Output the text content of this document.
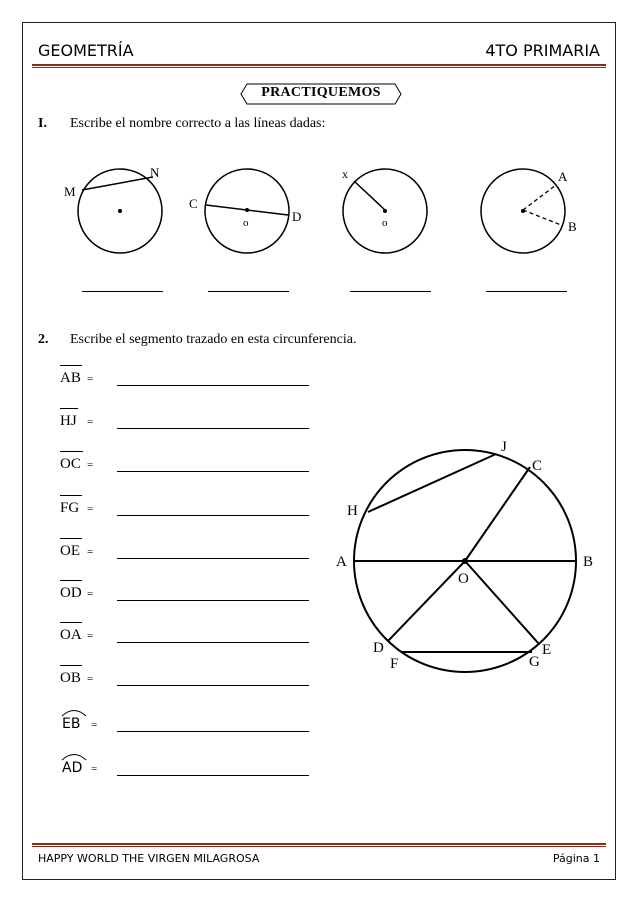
GEOMETRÍA	4TO PRIMARIA
PRACTIQUEMOS
I. Escribe el nombre correcto a las líneas dadas:
M
N
C
o	D
x
o
A
B
2. Escribe el segmento trazado en esta circunferencia.
AB =
HJ =
OC =
FG =
OE =
OD =
OA =
OB =
EB =
AD =
J
C
H
A	B
O
D	E
F	G
HAPPY WORLD THE VIRGEN MILAGROSA	Página 1
